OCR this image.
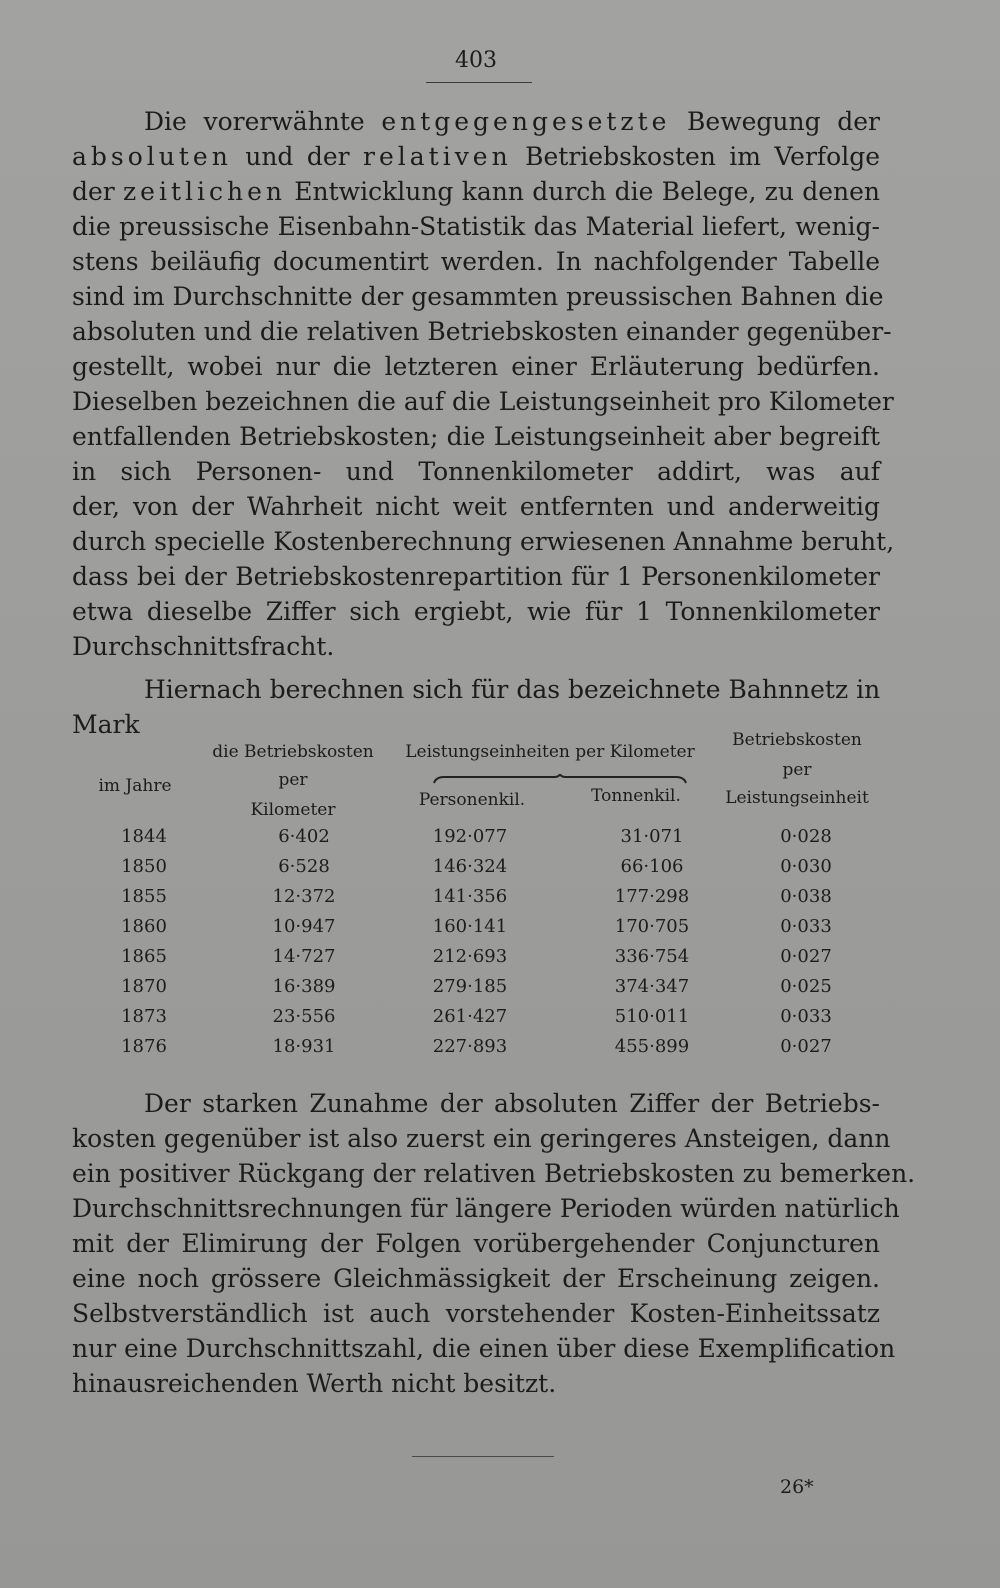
403
Die vorerwähnte entgegengesetzte Bewegung der
absoluten und der relativen Betriebskosten im Verfolge
der zeitlichen Entwicklung kann durch die Belege, zu denen
die preussische Eisenbahn-Statistik das Material liefert, wenig-
stens beiläufig documentirt werden. In nachfolgender Tabelle
sind im Durchschnitte der gesammten preussischen Bahnen die
absoluten und die relativen Betriebskosten einander gegenüber-
gestellt, wobei nur die letzteren einer Erläuterung bedürfen.
Dieselben bezeichnen die auf die Leistungseinheit pro Kilometer
entfallenden Betriebskosten; die Leistungseinheit aber begreift
in sich Personen- und Tonnenkilometer addirt, was auf
der, von der Wahrheit nicht weit entfernten und anderweitig
durch specielle Kostenberechnung erwiesenen Annahme beruht,
dass bei der Betriebskostenrepartition für 1 Personenkilometer
etwa dieselbe Ziffer sich ergiebt, wie für 1 Tonnenkilometer
Durchschnittsfracht.
Hiernach berechnen sich für das bezeichnete Bahnnetz in
Mark
im Jahre
die Betriebskosten
per
Kilometer
Leistungseinheiten per Kilometer
Personenkil.	Tonnenkil.
Betriebskosten
per
Leistungseinheit
1844	6·402	192·077	31·071	0·028
1850	6·528	146·324	66·106	0·030
1855	12·372	141·356	177·298	0·038
1860	10·947	160·141	170·705	0·033
1865	14·727	212·693	336·754	0·027
1870	16·389	279·185	374·347	0·025
1873	23·556	261·427	510·011	0·033
1876	18·931	227·893	455·899	0·027
Der starken Zunahme der absoluten Ziffer der Betriebs-
kosten gegenüber ist also zuerst ein geringeres Ansteigen, dann
ein positiver Rückgang der relativen Betriebskosten zu bemerken.
Durchschnittsrechnungen für längere Perioden würden natürlich
mit der Elimirung der Folgen vorübergehender Conjuncturen
eine noch grössere Gleichmässigkeit der Erscheinung zeigen.
Selbstverständlich ist auch vorstehender Kosten-Einheitssatz
nur eine Durchschnittszahl, die einen über diese Exemplification
hinausreichenden Werth nicht besitzt.
26*
